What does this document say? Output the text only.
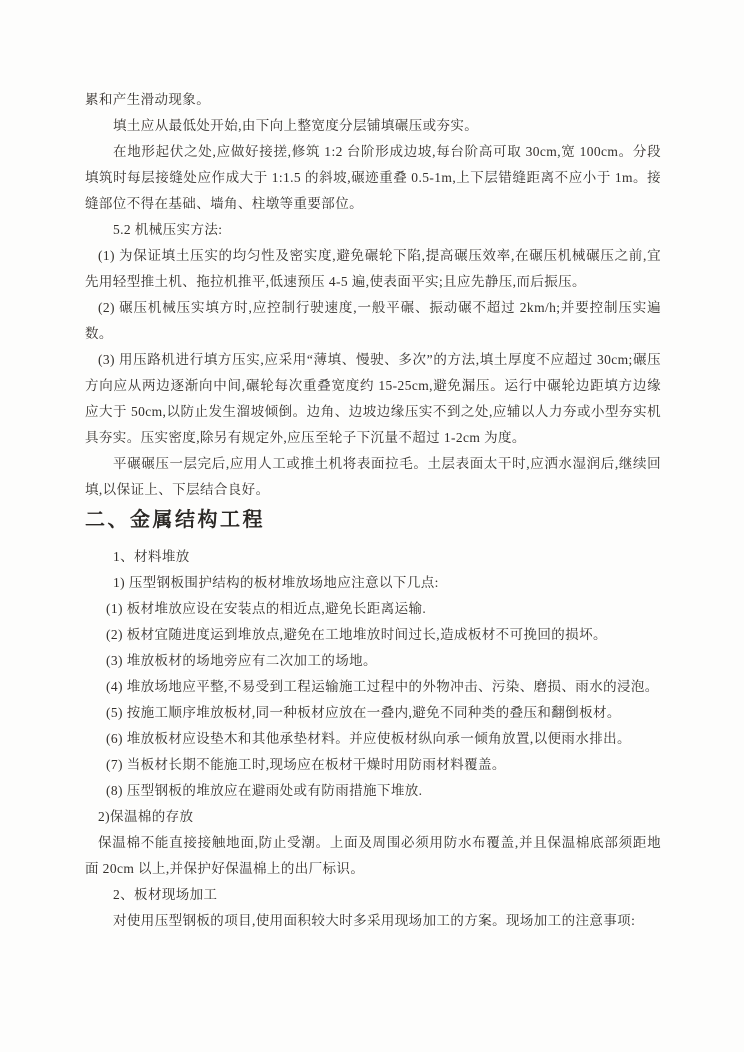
累和产生滑动现象。

填土应从最低处开始,由下向上整宽度分层铺填碾压或夯实。

在地形起伏之处,应做好接搓,修筑 1:2 台阶形成边坡,每台阶高可取 30cm,宽 100cm。分段填筑时每层接缝处应作成大于 1:1.5 的斜坡,碾迹重叠 0.5-1m,上下层错缝距离不应小于 1m。接缝部位不得在基础、墙角、柱墩等重要部位。

5.2 机械压实方法:

(1) 为保证填土压实的均匀性及密实度,避免碾轮下陷,提高碾压效率,在碾压机械碾压之前,宜先用轻型推土机、拖拉机推平,低速预压 4-5 遍,使表面平实;且应先静压,而后振压。

(2) 碾压机械压实填方时,应控制行驶速度,一般平碾、振动碾不超过 2km/h;并要控制压实遍数。

(3) 用压路机进行填方压实,应采用“薄填、慢驶、多次”的方法,填土厚度不应超过 30cm;碾压方向应从两边逐渐向中间,碾轮每次重叠宽度约 15-25cm,避免漏压。运行中碾轮边距填方边缘应大于 50cm,以防止发生溜坡倾倒。边角、边坡边缘压实不到之处,应辅以人力夯或小型夯实机具夯实。压实密度,除另有规定外,应压至轮子下沉量不超过 1-2cm 为度。

平碾碾压一层完后,应用人工或推土机将表面拉毛。土层表面太干时,应洒水湿润后,继续回填,以保证上、下层结合良好。

二、金属结构工程

1、材料堆放

1) 压型钢板围护结构的板材堆放场地应注意以下几点:

(1) 板材堆放应设在安装点的相近点,避免长距离运输.

(2) 板材宜随进度运到堆放点,避免在工地堆放时间过长,造成板材不可挽回的损坏。

(3) 堆放板材的场地旁应有二次加工的场地。

(4) 堆放场地应平整,不易受到工程运输施工过程中的外物冲击、污染、磨损、雨水的浸泡。

(5) 按施工顺序堆放板材,同一种板材应放在一叠内,避免不同种类的叠压和翻倒板材。

(6) 堆放板材应设垫木和其他承垫材料。并应使板材纵向承一倾角放置,以便雨水排出。

(7) 当板材长期不能施工时,现场应在板材干燥时用防雨材料覆盖。

(8) 压型钢板的堆放应在避雨处或有防雨措施下堆放.

2)保温棉的存放

保温棉不能直接接触地面,防止受潮。上面及周围必须用防水布覆盖,并且保温棉底部须距地面 20cm 以上,并保护好保温棉上的出厂标识。

2、板材现场加工

对使用压型钢板的项目,使用面积较大时多采用现场加工的方案。现场加工的注意事项:
